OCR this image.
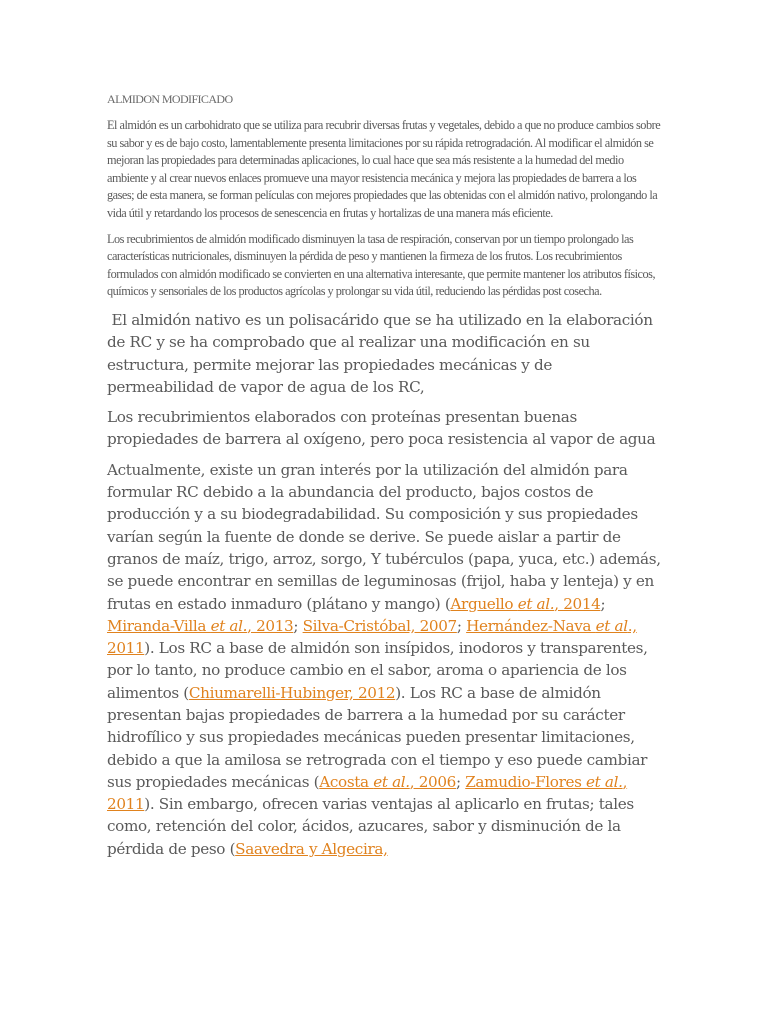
ALMIDON MODIFICADO

El almidón es un carbohidrato que se utiliza para recubrir diversas frutas y vegetales, debido a que no produce cambios sobre su sabor y es de bajo costo, lamentablemente presenta limitaciones por su rápida retrogradación. Al modificar el almidón se mejoran las propiedades para determinadas aplicaciones, lo cual hace que sea más resistente a la humedad del medio ambiente y al crear nuevos enlaces promueve una mayor resistencia mecánica y mejora las propiedades de barrera a los gases; de esta manera, se forman películas con mejores propiedades que las obtenidas con el almidón nativo, prolongando la vida útil y retardando los procesos de senescencia en frutas y hortalizas de una manera más eficiente.

Los recubrimientos de almidón modificado disminuyen la tasa de respiración, conservan por un tiempo prolongado las características nutricionales, disminuyen la pérdida de peso y mantienen la firmeza de los frutos. Los recubrimientos formulados con almidón modificado se convierten en una alternativa interesante, que permite mantener los atributos físicos, químicos y sensoriales de los productos agrícolas y prolongar su vida útil, reduciendo las pérdidas post cosecha.

El almidón nativo es un polisacárido que se ha utilizado en la elaboración de RC y se ha comprobado que al realizar una modificación en su estructura, permite mejorar las propiedades mecánicas y de permeabilidad de vapor de agua de los RC,

Los recubrimientos elaborados con proteínas presentan buenas propiedades de barrera al oxígeno, pero poca resistencia al vapor de agua

Actualmente, existe un gran interés por la utilización del almidón para formular RC debido a la abundancia del producto, bajos costos de producción y a su biodegradabilidad. Su composición y sus propiedades varían según la fuente de donde se derive. Se puede aislar a partir de granos de maíz, trigo, arroz, sorgo, Y tubérculos (papa, yuca, etc.) además, se puede encontrar en semillas de leguminosas (frijol, haba y lenteja) y en frutas en estado inmaduro (plátano y mango) (Arguello et al., 2014; Miranda-Villa et al., 2013; Silva-Cristóbal, 2007; Hernández-Nava et al., 2011). Los RC a base de almidón son insípidos, inodoros y transparentes, por lo tanto, no produce cambio en el sabor, aroma o apariencia de los alimentos (Chiumarelli-Hubinger, 2012). Los RC a base de almidón presentan bajas propiedades de barrera a la humedad por su carácter hidrofílico y sus propiedades mecánicas pueden presentar limitaciones, debido a que la amilosa se retrograda con el tiempo y eso puede cambiar sus propiedades mecánicas (Acosta et al., 2006; Zamudio-Flores et al., 2011). Sin embargo, ofrecen varias ventajas al aplicarlo en frutas; tales como, retención del color, ácidos, azucares, sabor y disminución de la pérdida de peso (Saavedra y Algecira,
